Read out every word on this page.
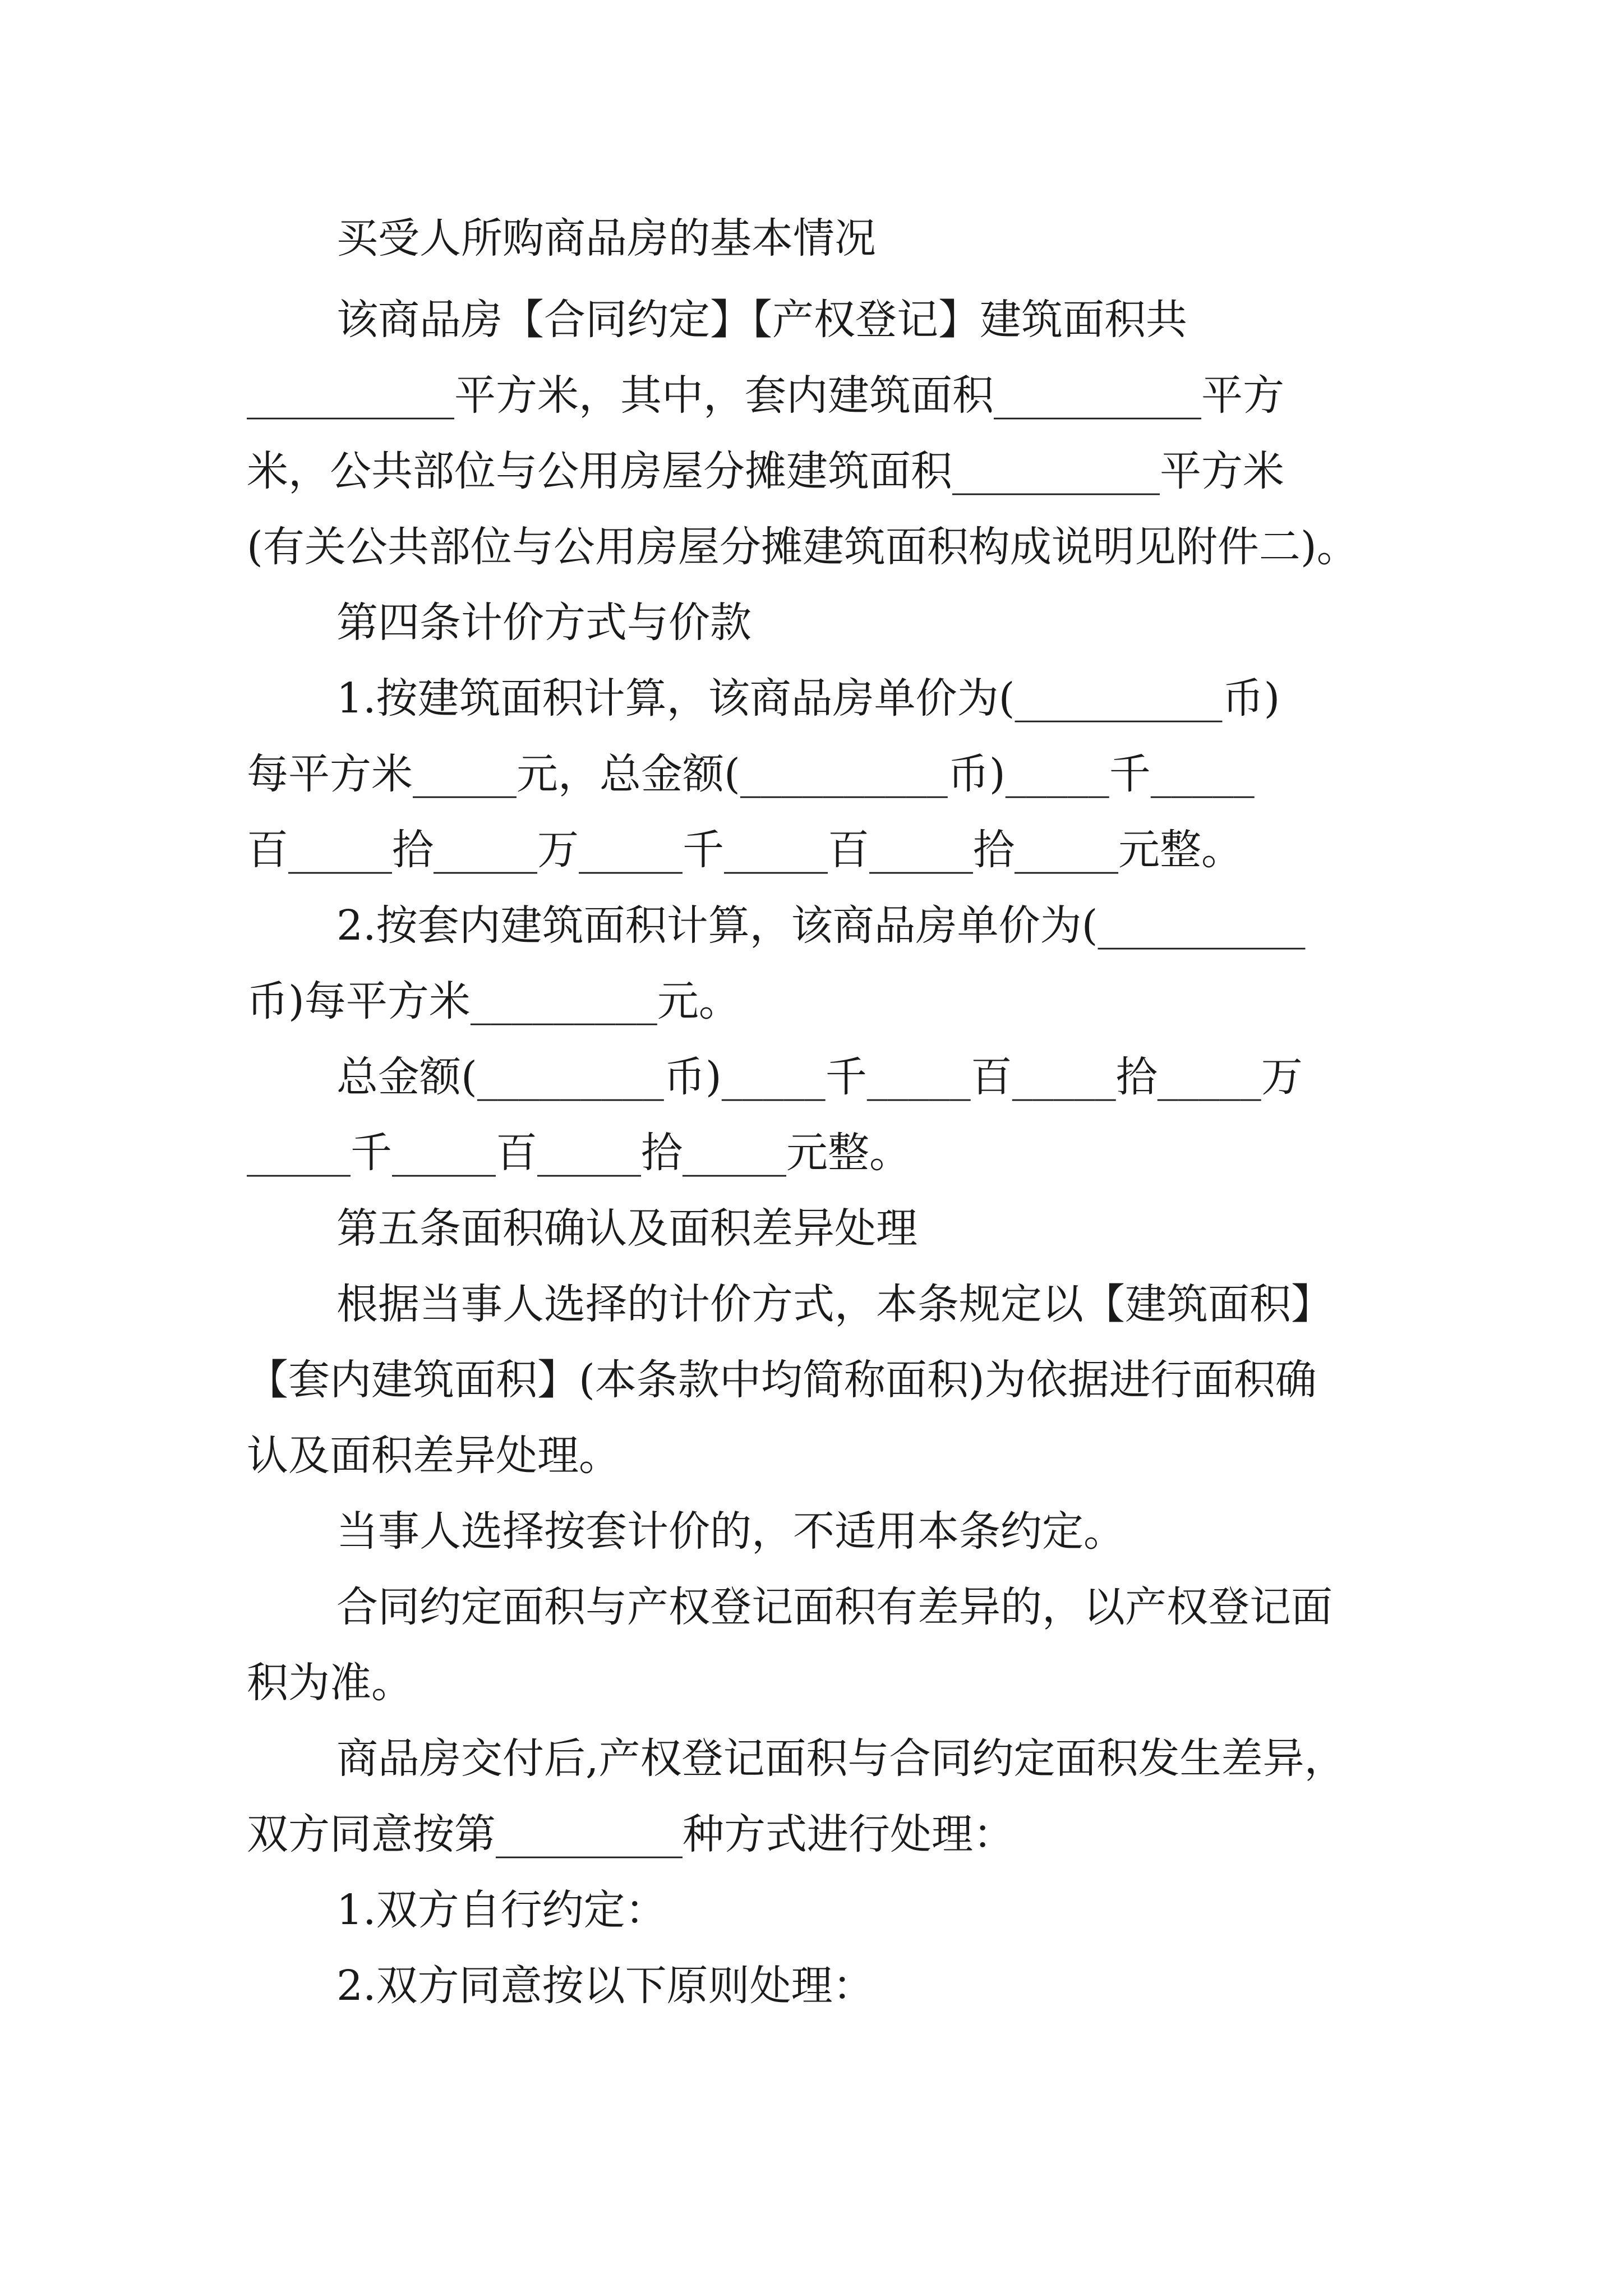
买受人所购商品房的基本情况
该商品房【合同约定】【产权登记】建筑面积共
__________平方米，其中，套内建筑面积__________平方
米，公共部位与公用房屋分摊建筑面积__________平方米
(有关公共部位与公用房屋分摊建筑面积构成说明见附件二)。
第四条计价方式与价款
1.按建筑面积计算，该商品房单价为(__________币)
每平方米_____元，总金额(__________币)_____千_____
百_____拾_____万_____千_____百_____拾_____元整。
2.按套内建筑面积计算，该商品房单价为(__________
币)每平方米_________元。
总金额(_________币)_____千_____百_____拾_____万
_____千_____百_____拾_____元整。
第五条面积确认及面积差异处理
根据当事人选择的计价方式，本条规定以【建筑面积】
【套内建筑面积】(本条款中均简称面积)为依据进行面积确
认及面积差异处理。
当事人选择按套计价的，不适用本条约定。
合同约定面积与产权登记面积有差异的，以产权登记面
积为准。
商品房交付后,产权登记面积与合同约定面积发生差异，
双方同意按第_________种方式进行处理：
1.双方自行约定：
2.双方同意按以下原则处理：
